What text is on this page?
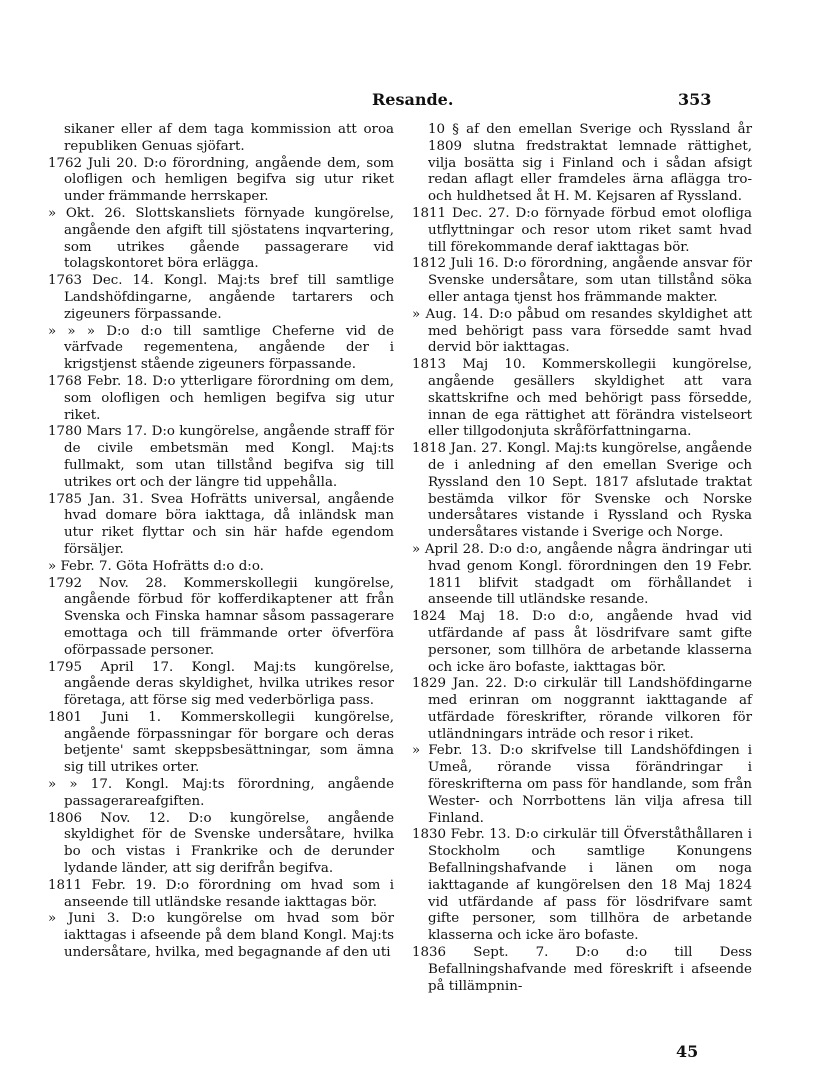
Resande.	353

sikaner eller af dem taga kommission att oroa republiken Genuas sjöfart.

1762 Juli 20. D:o förordning, angående dem, som olofligen och hemligen begifva sig utur riket under främmande herrskaper.

» Okt. 26. Slottskansliets förnyade kungörelse, angående den afgift till sjöstatens inqvartering, som utrikes gående passagerare vid tolagskontoret böra erlägga.

1763 Dec. 14. Kongl. Maj:ts bref till samtlige Landshöfdingarne, angående tartarers och zigeuners förpassande.

» » » D:o d:o till samtlige Cheferne vid de värfvade regementena, angående der i krigstjenst stående zigeuners förpassande.

1768 Febr. 18. D:o ytterligare förordning om dem, som olofligen och hemligen begifva sig utur riket.

1780 Mars 17. D:o kungörelse, angående straff för de civile embetsmän med Kongl. Maj:ts fullmakt, som utan tillstånd begifva sig till utrikes ort och der längre tid uppehålla.

1785 Jan. 31. Svea Hofrätts universal, angående hvad domare böra iakttaga, då inländsk man utur riket flyttar och sin här hafde egendom försäljer.

» Febr. 7. Göta Hofrätts d:o d:o.

1792 Nov. 28. Kommerskollegii kungörelse, angående förbud för kofferdikaptener att från Svenska och Finska hamnar såsom passagerare emottaga och till främmande orter öfverföra oförpassade personer.

1795 April 17. Kongl. Maj:ts kungörelse, angående deras skyldighet, hvilka utrikes resor företaga, att förse sig med vederbörliga pass.

1801 Juni 1. Kommerskollegii kungörelse, angående förpassningar för borgare och deras betjente' samt skeppsbesättningar, som ämna sig till utrikes orter.

» » 17. Kongl. Maj:ts förordning, angående passagerareafgiften.

1806 Nov. 12. D:o kungörelse, angående skyldighet för de Svenske undersåtare, hvilka bo och vistas i Frankrike och de derunder lydande länder, att sig derifrån begifva.

1811 Febr. 19. D:o förordning om hvad som i anseende till utländske resande iakttagas bör.

» Juni 3. D:o kungörelse om hvad som bör iakttagas i afseende på dem bland Kongl. Maj:ts undersåtare, hvilka, med begagnande af den uti

10 § af den emellan Sverige och Ryssland år 1809 slutna fredstraktat lemnade rättighet, vilja bosätta sig i Finland och i sådan afsigt redan aflagt eller framdeles ärna aflägga tro- och huldhetsed åt H. M. Kejsaren af Ryssland.

1811 Dec. 27. D:o förnyade förbud emot olofliga utflyttningar och resor utom riket samt hvad till förekommande deraf iakttagas bör.

1812 Juli 16. D:o förordning, angående ansvar för Svenske undersåtare, som utan tillstånd söka eller antaga tjenst hos främmande makter.

» Aug. 14. D:o påbud om resandes skyldighet att med behörigt pass vara försedde samt hvad dervid bör iakttagas.

1813 Maj 10. Kommerskollegii kungörelse, angående gesällers skyldighet att vara skattskrifne och med behörigt pass försedde, innan de ega rättighet att förändra vistelseort eller tillgodonjuta skråförfattningarna.

1818 Jan. 27. Kongl. Maj:ts kungörelse, angående de i anledning af den emellan Sverige och Ryssland den 10 Sept. 1817 afslutade traktat bestämda vilkor för Svenske och Norske undersåtares vistande i Ryssland och Ryska undersåtares vistande i Sverige och Norge.

» April 28. D:o d:o, angående några ändringar uti hvad genom Kongl. förordningen den 19 Febr. 1811 blifvit stadgadt om förhållandet i anseende till utländske resande.

1824 Maj 18. D:o d:o, angående hvad vid utfärdande af pass åt lösdrifvare samt gifte personer, som tillhöra de arbetande klasserna och icke äro bofaste, iakttagas bör.

1829 Jan. 22. D:o cirkulär till Landshöfdingarne med erinran om noggrannt iakttagande af utfärdade föreskrifter, rörande vilkoren för utländningars inträde och resor i riket.

» Febr. 13. D:o skrifvelse till Landshöfdingen i Umeå, rörande vissa förändringar i föreskrifterna om pass för handlande, som från Wester- och Norrbottens län vilja afresa till Finland.

1830 Febr. 13. D:o cirkulär till Öfverståthållaren i Stockholm och samtlige Konungens Befallningshafvande i länen om noga iakttagande af kungörelsen den 18 Maj 1824 vid utfärdande af pass för lösdrifvare samt gifte personer, som tillhöra de arbetande klasserna och icke äro bofaste.

1836 Sept. 7. D:o d:o till Dess Befallningshafvande med föreskrift i afseende på tillämpnin-

45
